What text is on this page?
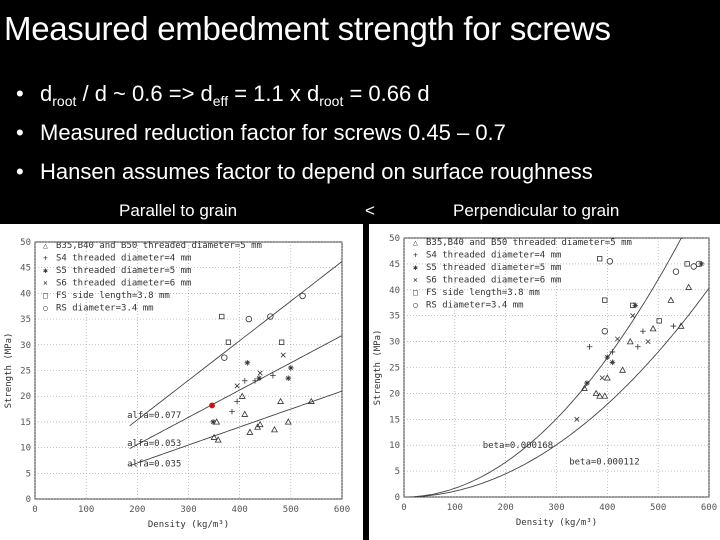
Measured embedment strength for screws
• $d_{root}$ / d ~ $0.6 => d_{eff} = 1.1$ x $d_{root} = 0.66$ d
• Measured reduction factor for screws 0.45 – 0.7
• Hansen assumes factor to depend on surface roughness
Parallel to grain	<	Perpendicular to grain
0	100	200	300	400	500	600
0
5
10
15
20
25
30
35
40
45
50
Density (kg/m³)
Strength (MPa)
△ B35,B40 and B50 threaded diameter=5 mm
+ S4 threaded diameter=4 mm
✱ S5 threaded diameter=5 mm
× S6 threaded diameter=6 mm
□ FS side length=3.8 mm
○ RS diameter=3.4 mm
alfa=0.077
alfa=0.053
alfa=0.035
0	100	200	300	400	500	600
0
5
10
15
20
25
30
35
40
45
50
Density (kg/m³)
Strength (MPa)
△ B35,B40 and B50 threaded diameter=5 mm
+ S4 threaded diameter=4 mm
✱ S5 threaded diameter=5 mm
× S6 threaded diameter=6 mm
□ FS side length=3.8 mm
○ RS diameter=3.4 mm
beta=0.000168
beta=0.000112
